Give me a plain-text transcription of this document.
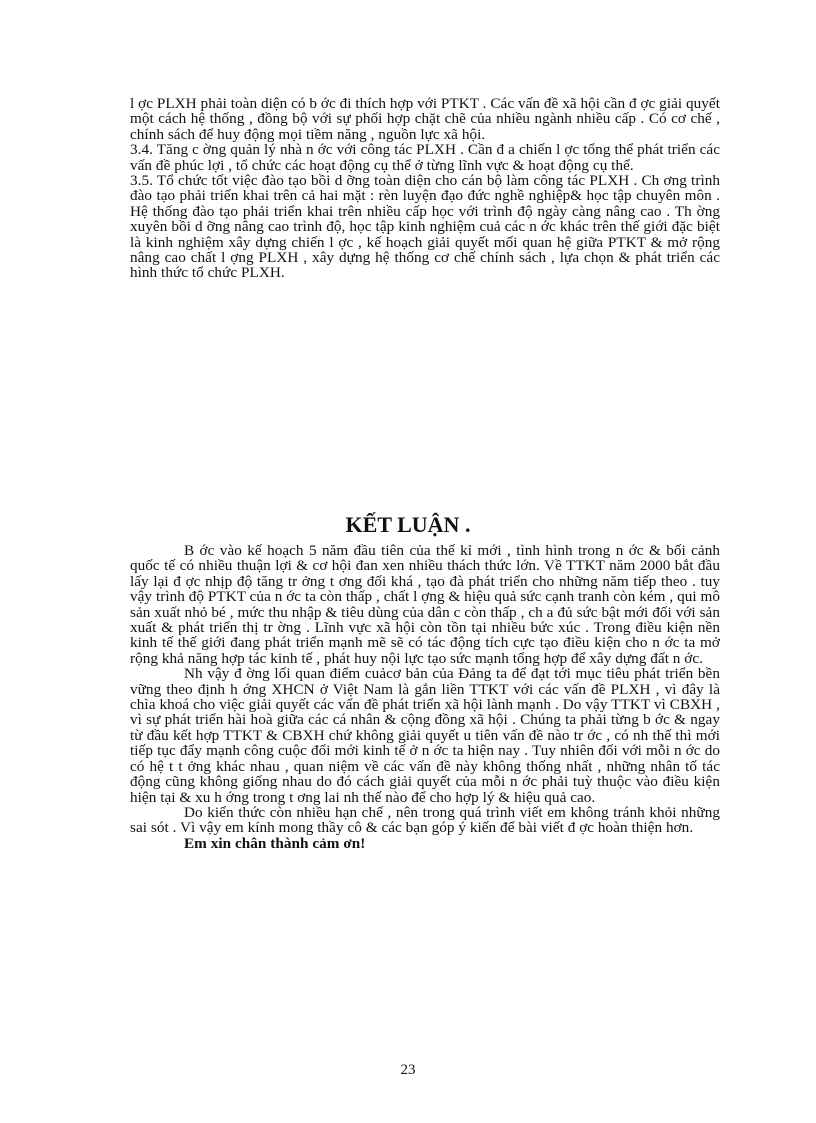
l ợc PLXH phải toàn diện có b ớc đi thích hợp với PTKT . Các vấn đề xã hội cần đ ợc giải quyết một cách hệ thống , đồng bộ với sự phối hợp chặt chẽ của nhiều ngành nhiều cấp . Có cơ chế , chính sách để huy động mọi tiềm năng , nguồn lực xã hội.

3.4. Tăng c ờng quản lý nhà n ớc với công tác PLXH . Cần đ a chiến l ợc tổng thể phát triển các vấn đề phúc lợi , tổ chức các hoạt động cụ thể ở từng lĩnh vực & hoạt động cụ thể.

3.5. Tổ chức tốt việc đào tạo bồi d ỡng toàn diện cho cán bộ làm công tác PLXH . Ch ơng trình đào tạo phải triển khai trên cả hai mặt : rèn luyện đạo đức nghề nghiệp& học tập chuyên môn . Hệ thống đào tạo phải triển khai trên nhiều cấp học với trình độ ngày càng nâng cao . Th ờng xuyên bồi d ỡng nâng cao trình độ, học tập kinh nghiệm cuả các n ớc khác trên thế giới đặc biệt là kinh nghiệm xây dựng chiến l ợc , kế hoạch giải quyết mối quan hệ giữa PTKT & mở rộng nâng cao chất l ợng PLXH , xây dựng hệ thống cơ chế chính sách , lựa chọn & phát triển các hình thức tổ chức PLXH.

KẾT LUẬN .

B ớc vào kế hoạch 5 năm đầu tiên của thế kỉ mới , tình hình trong n ớc & bối cảnh quốc tế có nhiều thuận lợi & cơ hội đan xen nhiều thách thức lớn. Về TTKT năm 2000 bắt đầu lấy lại đ ợc nhịp độ tăng tr ởng t ơng đối khá , tạo đà phát triển cho những năm tiếp theo . tuy vậy trình độ PTKT của n ớc ta còn thấp , chất l ợng & hiệu quả sức cạnh tranh còn kém , qui mô sản xuất nhỏ bé , mức thu nhập & tiêu dùng của dân c còn thấp , ch a đủ sức bật mới đối với sản xuất & phát triển thị tr ờng . Lĩnh vực xã hội còn tồn tại nhiều bức xúc . Trong điều kiện nền kinh tế thế giới đang phát triển mạnh mẽ sẽ có tác động tích cực tạo điều kiện cho n ớc ta mở rộng khả năng hợp tác kinh tế , phát huy nội lực tạo sức mạnh tổng hợp để xây dựng đất n ớc.

Nh vậy đ ờng lối quan điểm cuảcơ bản của Đảng ta để đạt tới mục tiêu phát triển bền vững theo định h ớng XHCN ở Việt Nam là gắn liền TTKT với các vấn đề PLXH , vì đây là chìa khoá cho việc giải quyết các vấn đề phát triển xã hội lành mạnh . Do vậy TTKT vì CBXH , vì sự phát triển hài hoà giữa các cá nhân & cộng đồng xã hội . Chúng ta phải từng b ớc & ngay từ đầu kết hợp TTKT & CBXH chứ không giải quyết u tiên vấn đề nào tr ớc , có nh thế thì mới tiếp tục đẩy mạnh công cuộc đổi mới kinh tế ở n ớc ta hiện nay . Tuy nhiên đối với mỗi n ớc do có hệ t t ởng khác nhau , quan niệm về các vấn đề này không thống nhất , những nhân tố tác động cũng không giống nhau do đó cách giải quyết của mỗi n ớc phải tuỳ thuộc vào điều kiện hiện tại & xu h ớng trong t ơng lai nh thế nào để cho hợp lý & hiệu quả cao.

Do kiến thức còn nhiều hạn chế , nên trong quá trình viết em không tránh khỏi những sai sót . Vì vậy em kính mong thầy cô & các bạn góp ý kiến để bài viết đ ợc hoàn thiện hơn.

Em xin chân thành cảm ơn!

23
